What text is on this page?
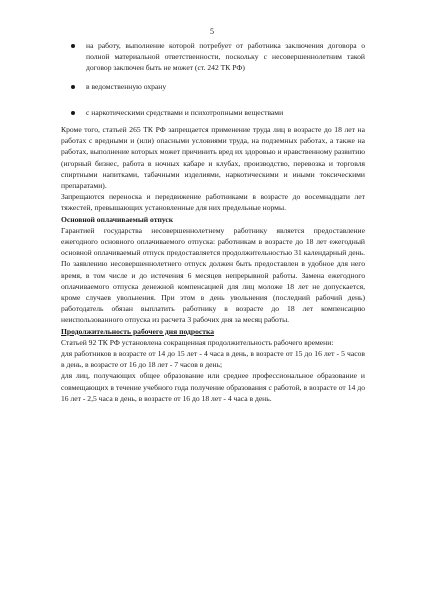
5
на работу, выполнение которой потребует от работника заключения договора о полной материальной ответственности, поскольку с несовершеннолетним такой договор заключен быть не может (ст. 242 ТК РФ)
в ведомственную охрану
с наркотическими средствами и психотропными веществами

Кроме того, статьей 265 ТК РФ запрещается применение труда лиц в возрасте до 18 лет на работах с вредными и (или) опасными условиями труда, на подземных работах, а также на работах, выполнение которых может причинить вред их здоровью и нравственному развитию (игорный бизнес, работа в ночных кабаре и клубах, производство, перевозка и торговля спиртными напитками, табачными изделиями, наркотическими и иными токсическими препаратами).

Запрещаются переноска и передвижение работниками в возрасте до восемнадцати лет тяжестей, превышающих установленные для них предельные нормы.

Основной оплачиваемый отпуск

Гарантией государства несовершеннолетнему работнику является предоставление ежегодного основного оплачиваемого отпуска: работникам в возрасте до 18 лет ежегодный основной оплачиваемый отпуск предоставляется продолжительностью 31 календарный день. По заявлению несовершеннолетнего отпуск должен быть предоставлен в удобное для него время, в том числе и до истечения 6 месяцев непрерывной работы. Замена ежегодного оплачиваемого отпуска денежной компенсацией для лиц моложе 18 лет не допускается, кроме случаев увольнения. При этом в день увольнения (последний рабочий день) работодатель обязан выплатить работнику в возрасте до 18 лет компенсацию неиспользованного отпуска из расчета 3 рабочих дня за месяц работы.

Продолжительность рабочего дня подростка

Статьей 92 ТК РФ установлена сокращенная продолжительность рабочего времени:

для работников в возрасте от 14 до 15 лет - 4 часа в день, в возрасте от 15 до 16 лет - 5 часов в день, в возрасте от 16 до 18 лет - 7 часов в день;

для лиц, получающих общее образование или среднее профессиональное образование и совмещающих в течение учебного года получение образования с работой, в возрасте от 14 до 16 лет - 2,5 часа в день, в возрасте от 16 до 18 лет - 4 часа в день.
